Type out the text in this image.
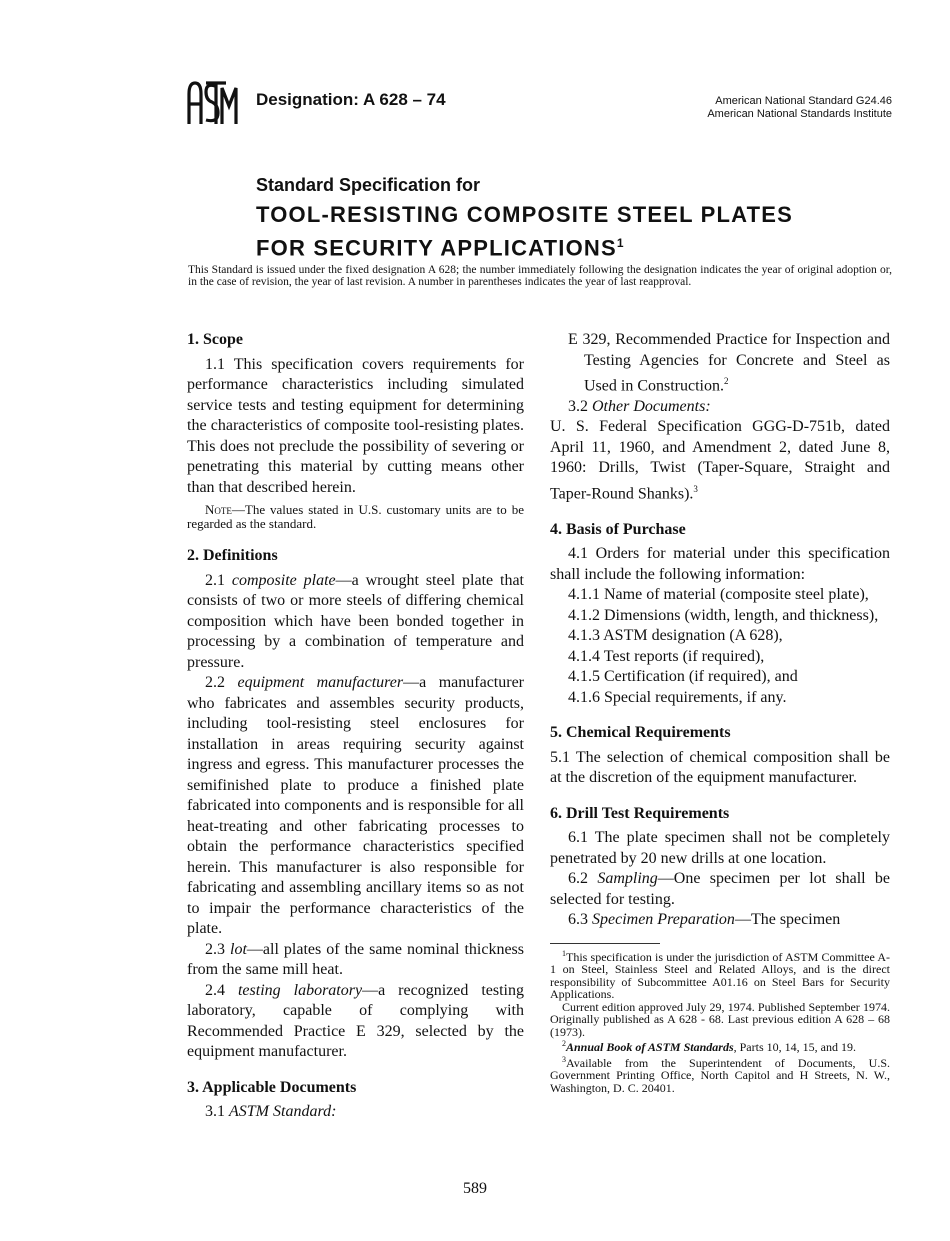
Designation: A 628 – 74	American National Standard G24.46
American National Standards Institute
Standard Specification for
TOOL-RESISTING COMPOSITE STEEL PLATES
FOR SECURITY APPLICATIONS$^1$
This Standard is issued under the fixed designation A 628; the number immediately following the designation indicates the year of original adoption or, in the case of revision, the year of last revision. A number in parentheses indicates the year of last reapproval.

1. Scope

1.1 This specification covers requirements for performance characteristics including simulated service tests and testing equipment for determining the characteristics of composite tool-resisting plates. This does not preclude the possibility of severing or penetrating this material by cutting means other than that described herein.

Note—The values stated in U.S. customary units are to be regarded as the standard.

2. Definitions

2.1 composite plate—a wrought steel plate that consists of two or more steels of differing chemical composition which have been bonded together in processing by a combination of temperature and pressure.

2.2 equipment manufacturer—a manufacturer who fabricates and assembles security products, including tool-resisting steel enclosures for installation in areas requiring security against ingress and egress. This manufacturer processes the semifinished plate to produce a finished plate fabricated into components and is responsible for all heat-treating and other fabricating processes to obtain the performance characteristics specified herein. This manufacturer is also responsible for fabricating and assembling ancillary items so as not to impair the performance characteristics of the plate.

2.3 lot—all plates of the same nominal thickness from the same mill heat.

2.4 testing laboratory—a recognized testing laboratory, capable of complying with Recommended Practice E 329, selected by the equipment manufacturer.

3. Applicable Documents

3.1 ASTM Standard:

E 329, Recommended Practice for Inspection and Testing Agencies for Concrete and Steel as Used in Construction.$^2$

3.2 Other Documents:

U. S. Federal Specification GGG-D-751b, dated April 11, 1960, and Amendment 2, dated June 8, 1960: Drills, Twist (Taper-Square, Straight and Taper-Round Shanks).$^3$

4. Basis of Purchase

4.1 Orders for material under this specification shall include the following information:

4.1.1 Name of material (composite steel plate),

4.1.2 Dimensions (width, length, and thickness),

4.1.3 ASTM designation (A 628),

4.1.4 Test reports (if required),

4.1.5 Certification (if required), and

4.1.6 Special requirements, if any.

5. Chemical Requirements

5.1 The selection of chemical composition shall be at the discretion of the equipment manufacturer.

6. Drill Test Requirements

6.1 The plate specimen shall not be completely penetrated by 20 new drills at one location.

6.2 Sampling—One specimen per lot shall be selected for testing.

6.3 Specimen Preparation—The specimen

$^1$This specification is under the jurisdiction of ASTM Committee A-1 on Steel, Stainless Steel and Related Alloys, and is the direct responsibility of Subcommittee A01.16 on Steel Bars for Security Applications.

Current edition approved July 29, 1974. Published September 1974. Originally published as A 628 - 68. Last previous edition A 628 – 68 (1973).

$^2$Annual Book of ASTM Standards, Parts 10, 14, 15, and 19.

$^3$Available from the Superintendent of Documents, U.S. Government Printing Office, North Capitol and H Streets, N. W., Washington, D. C. 20401.

589
